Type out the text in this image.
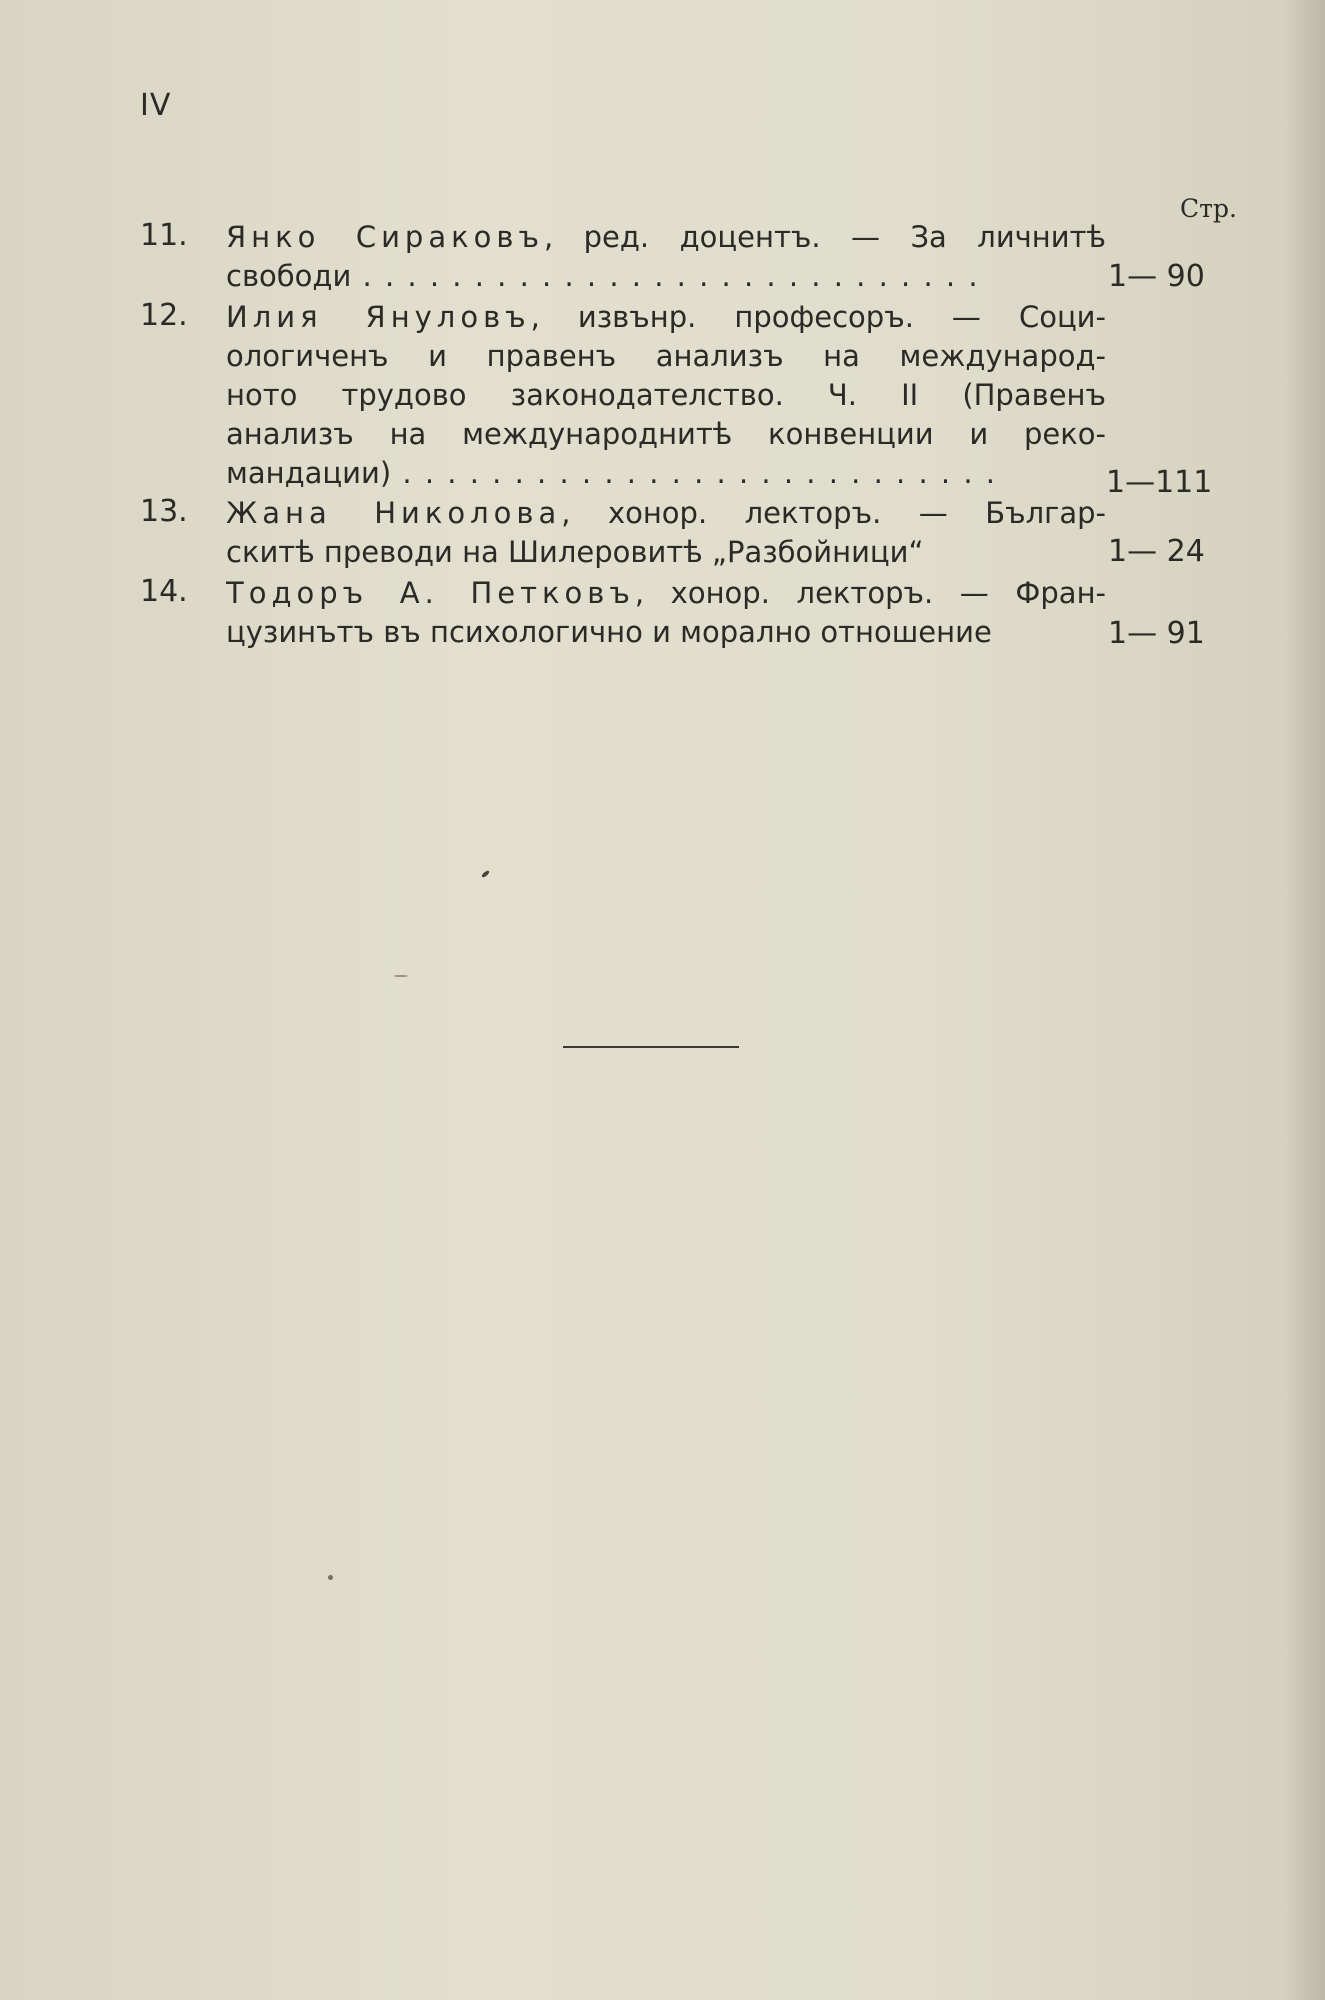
IV
Стр.
11. Янко Сираковъ, ред. доцентъ. — За личнитѣ
свободи . . . . . . . . . . . . . . . . . . . . . . . . . . . .	1— 90
12. Илия Януловъ, извънр. професоръ. — Соци-
ологиченъ и правенъ анализъ на международ-
ното трудово законодателство. Ч. II (Правенъ
анализъ на международнитѣ конвенции и реко-
мандации) . . . . . . . . . . . . . . . . . . . . . . . . . . .	1—111
13. Жана Николова, хонор. лекторъ. — Българ-
скитѣ преводи на Шилеровитѣ „Разбойници“	1— 24
14. Тодоръ А. Петковъ, хонор. лекторъ. — Фран-
цузинътъ въ психологично и морално отношение	1— 91
